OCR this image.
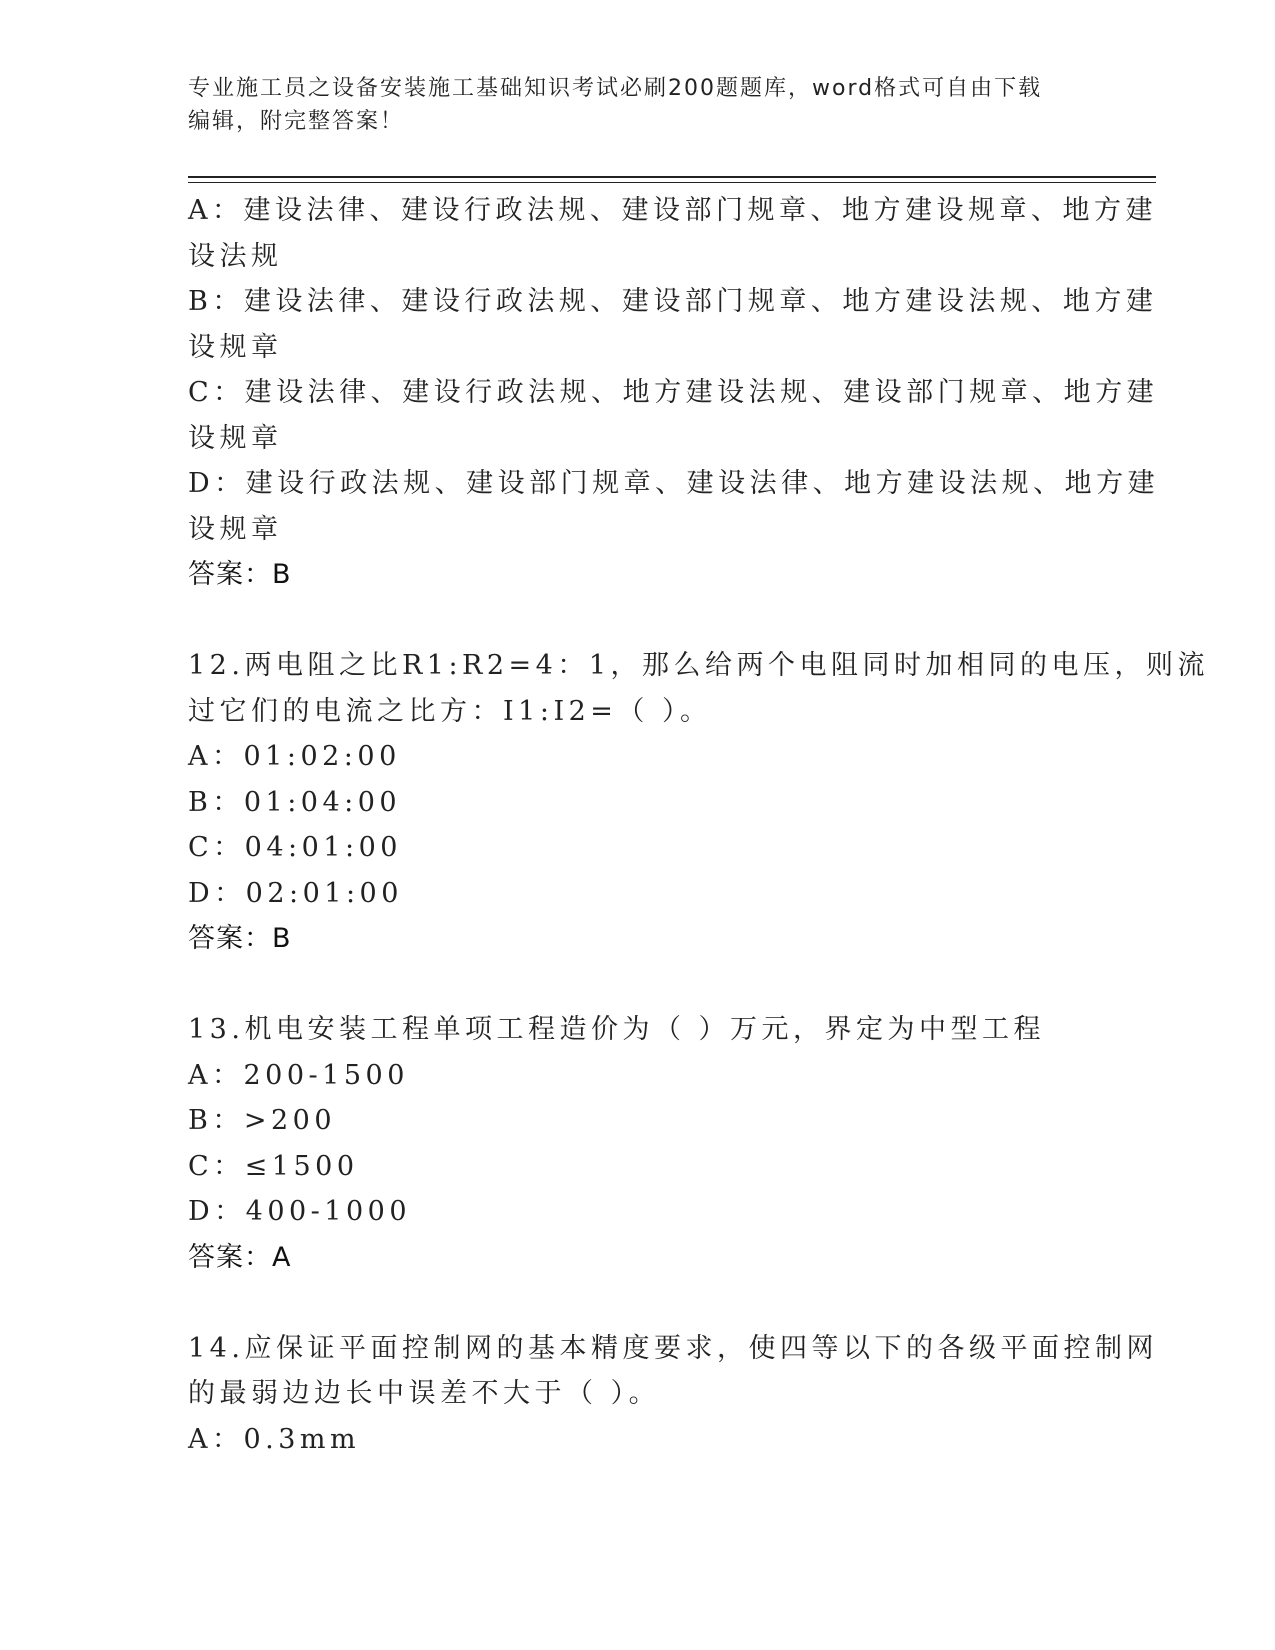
专业施工员之设备安装施工基础知识考试必刷200题题库，word格式可自由下载
编辑，附完整答案！
A：建设法律、建设行政法规、建设部门规章、地方建设规章、地方建
设法规
B：建设法律、建设行政法规、建设部门规章、地方建设法规、地方建
设规章
C：建设法律、建设行政法规、地方建设法规、建设部门规章、地方建
设规章
D：建设行政法规、建设部门规章、建设法律、地方建设法规、地方建
设规章
答案：B
12.两电阻之比R1:R2=4：1，那么给两个电阻同时加相同的电压，则流
过它们的电流之比方：I1:I2=（ ）。
A：01:02:00
B：01:04:00
C：04:01:00
D：02:01:00
答案：B
13.机电安装工程单项工程造价为（ ）万元，界定为中型工程
A：200-1500
B：>200
C：≤1500
D：400-1000
答案：A
14.应保证平面控制网的基本精度要求，使四等以下的各级平面控制网
的最弱边边长中误差不大于（ ）。
A：0.3mm
